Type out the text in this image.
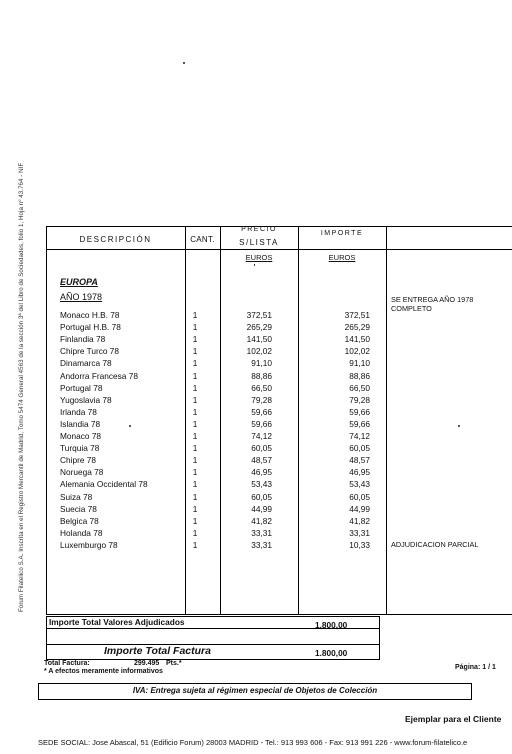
Forum Filatelico S.A. Inscrita en el Registro Mercantil de Madrid, Tomo 5474 General 4563 de la sección 3ª del Libro de Sociedades, folio 1, Hoja nº 43.764 - NIF	DESCRIPCIÓN	CANT.
PRECIO
S/LISTA
IMPORTE
EUROS	EUROS
EUROPA
AÑO 1978	SE ENTREGA AÑO 1978
COMPLETO
Monaco H.B. 78	1	372,51	372,51
Portugal H.B. 78	1	265,29	265,29
Finlandia 78	1	141,50	141,50
Chipre Turco 78	1	102,02	102,02
Dinamarca 78	1	91,10	91,10
Andorra Francesa 78	1	88,86	88,86
Portugal 78	1	66,50	66,50
Yugoslavia 78	1	79,28	79,28
Irlanda 78	1	59,66	59,66
Islandia 78	1	59,66	59,66
Monaco 78	1	74,12	74,12
Turquia 78	1	60,05	60,05
Chipre 78	1	48,57	48,57
Noruega 78	1	46,95	46,95
Alemania Occidental 78	1	53,43	53,43
Suiza 78	1	60,05	60,05
Suecia 78	1	44,99	44,99
Belgica 78	1	41,82	41,82
Holanda 78	1	33,31	33,31
Luxemburgo 78	1	33,31	10,33	ADJUDICACION PARCIAL
Importe Total Valores Adjudicados	1.800,00
Importe Total Factura	1.800,00
Total Factura:	299.495 Pts.*
* A efectos meramente informativos
Página: 1 / 1
IVA: Entrega sujeta al régimen especial de Objetos de Colección
Ejemplar para el Cliente
SEDE SOCIAL: Jose Abascal, 51 (Edificio Forum) 28003 MADRID - Tel.: 913 993 606 - Fax: 913 991 226 - www.forum-filatelico.e
